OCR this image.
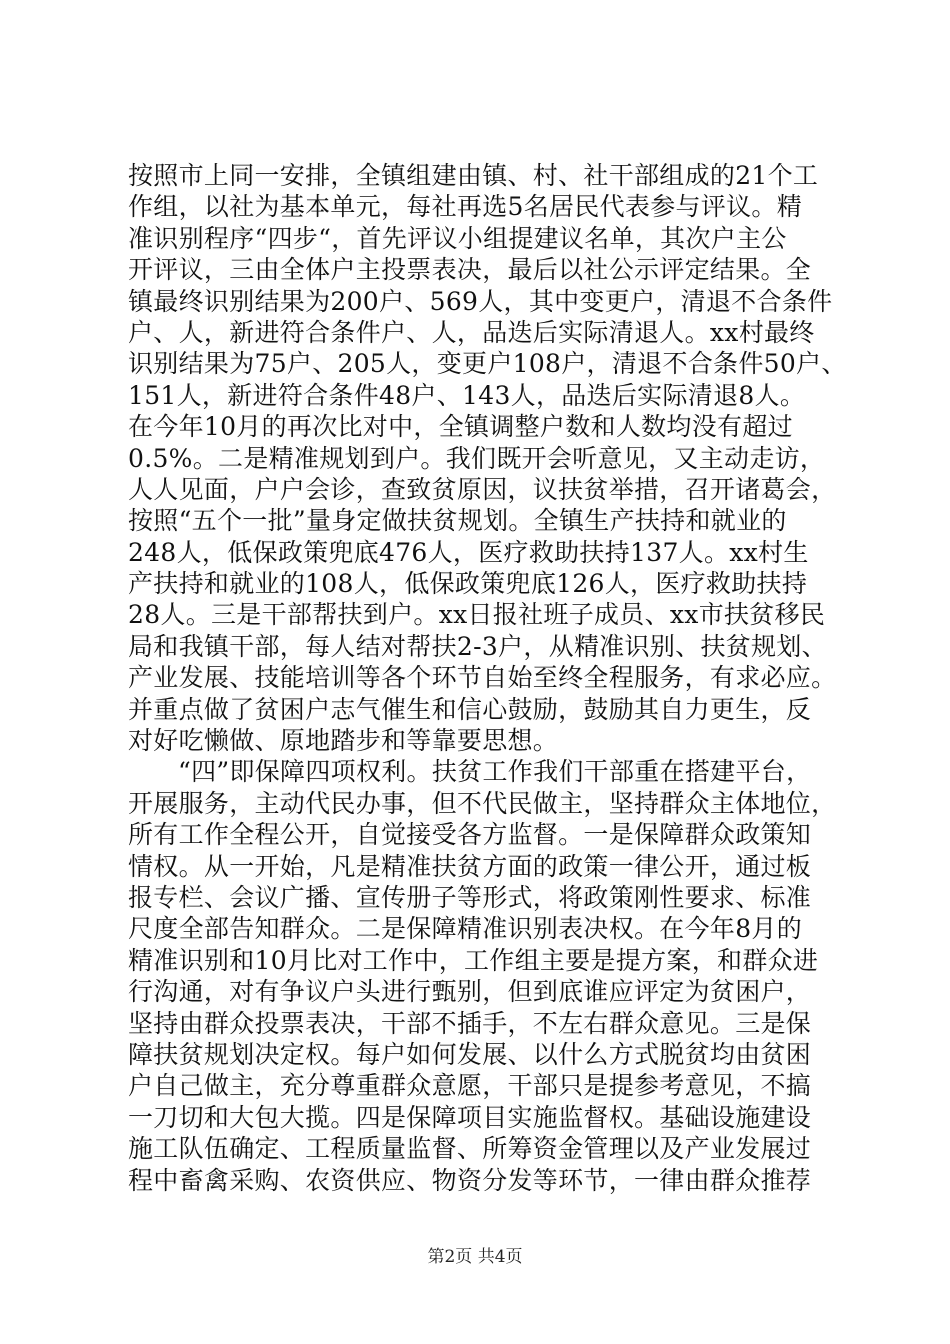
按照市上同一安排，全镇组建由镇、村、社干部组成的21个工
作组，以社为基本单元，每社再选5名居民代表参与评议。精
准识别程序“四步“，首先评议小组提建议名单，其次户主公
开评议，三由全体户主投票表决，最后以社公示评定结果。全
镇最终识别结果为200户、569人，其中变更户，清退不合条件
户、人，新进符合条件户、人，品迭后实际清退人。xx村最终
识别结果为75户、205人，变更户108户，清退不合条件50户、
151人，新进符合条件48户、143人，品迭后实际清退8人。
在今年10月的再次比对中，全镇调整户数和人数均没有超过
0.5%。二是精准规划到户。我们既开会听意见，又主动走访，
人人见面，户户会诊，查致贫原因，议扶贫举措，召开诸葛会，
按照“五个一批”量身定做扶贫规划。全镇生产扶持和就业的
248人，低保政策兜底476人，医疗救助扶持137人。xx村生
产扶持和就业的108人，低保政策兜底126人，医疗救助扶持
28人。三是干部帮扶到户。xx日报社班子成员、xx市扶贫移民
局和我镇干部，每人结对帮扶2-3户，从精准识别、扶贫规划、
产业发展、技能培训等各个环节自始至终全程服务，有求必应。
并重点做了贫困户志气催生和信心鼓励，鼓励其自力更生，反
对好吃懒做、原地踏步和等靠要思想。
“四”即保障四项权利。扶贫工作我们干部重在搭建平台，
开展服务，主动代民办事，但不代民做主，坚持群众主体地位，
所有工作全程公开，自觉接受各方监督。一是保障群众政策知
情权。从一开始，凡是精准扶贫方面的政策一律公开，通过板
报专栏、会议广播、宣传册子等形式，将政策刚性要求、标准
尺度全部告知群众。二是保障精准识别表决权。在今年8月的
精准识别和10月比对工作中，工作组主要是提方案，和群众进
行沟通，对有争议户头进行甄别，但到底谁应评定为贫困户，
坚持由群众投票表决，干部不插手，不左右群众意见。三是保
障扶贫规划决定权。每户如何发展、以什么方式脱贫均由贫困
户自己做主，充分尊重群众意愿，干部只是提参考意见，不搞
一刀切和大包大揽。四是保障项目实施监督权。基础设施建设
施工队伍确定、工程质量监督、所筹资金管理以及产业发展过
程中畜禽采购、农资供应、物资分发等环节，一律由群众推荐
第2页 共4页
